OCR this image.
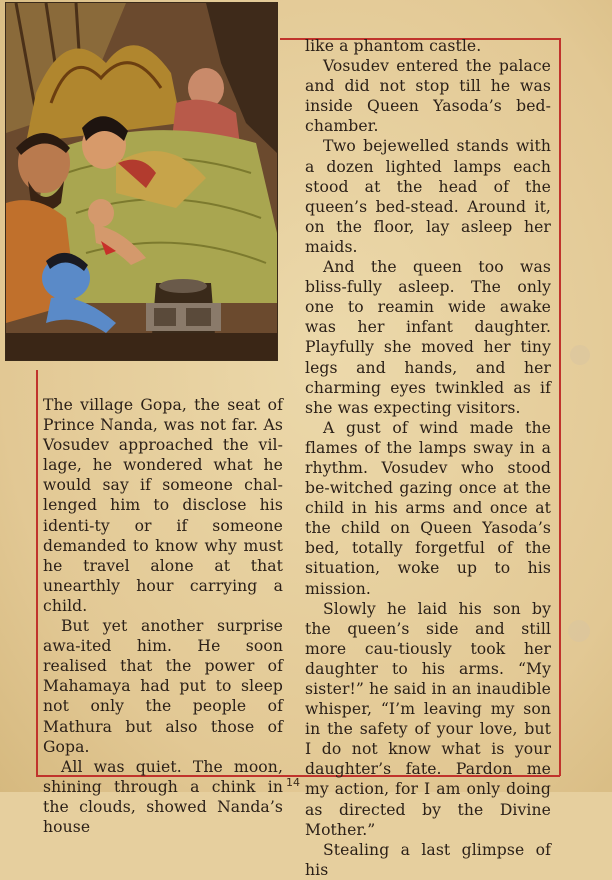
like a phantom castle.

Vosudev entered the palace and did not stop till he was inside Queen Yasoda’s bed-chamber.

Two bejewelled stands with a dozen lighted lamps each stood at the head of the queen’s bed-stead. Around it, on the floor, lay asleep her maids.

And the queen too was bliss-fully asleep. The only one to reamin wide awake was her infant daughter. Playfully she moved her tiny legs and hands, and her charming eyes twinkled as if she was expecting visitors.

A gust of wind made the flames of the lamps sway in a rhythm. Vosudev who stood be-witched gazing once at the child in his arms and once at the child on Queen Yasoda’s bed, totally forgetful of the situation, woke up to his mission.

Slowly he laid his son by the queen’s side and still more cau-tiously took her daughter to his arms. “My sister!” he said in an inaudible whisper, “I’m leaving my son in the safety of your love, but I do not know what is your daughter’s fate. Pardon me my action, for I am only doing as directed by the Divine Mother.”

Stealing a last glimpse of his

The village Gopa, the seat of Prince Nanda, was not far. As Vosudev approached the vil-lage, he wondered what he would say if someone chal-lenged him to disclose his identi-ty or if someone demanded to know why must he travel alone at that unearthly hour carrying a child.

But yet another surprise awa-ited him. He soon realised that the power of Mahamaya had put to sleep not only the people of Mathura but also those of Gopa.

All was quiet. The moon, shining through a chink in the clouds, showed Nanda’s house

14
